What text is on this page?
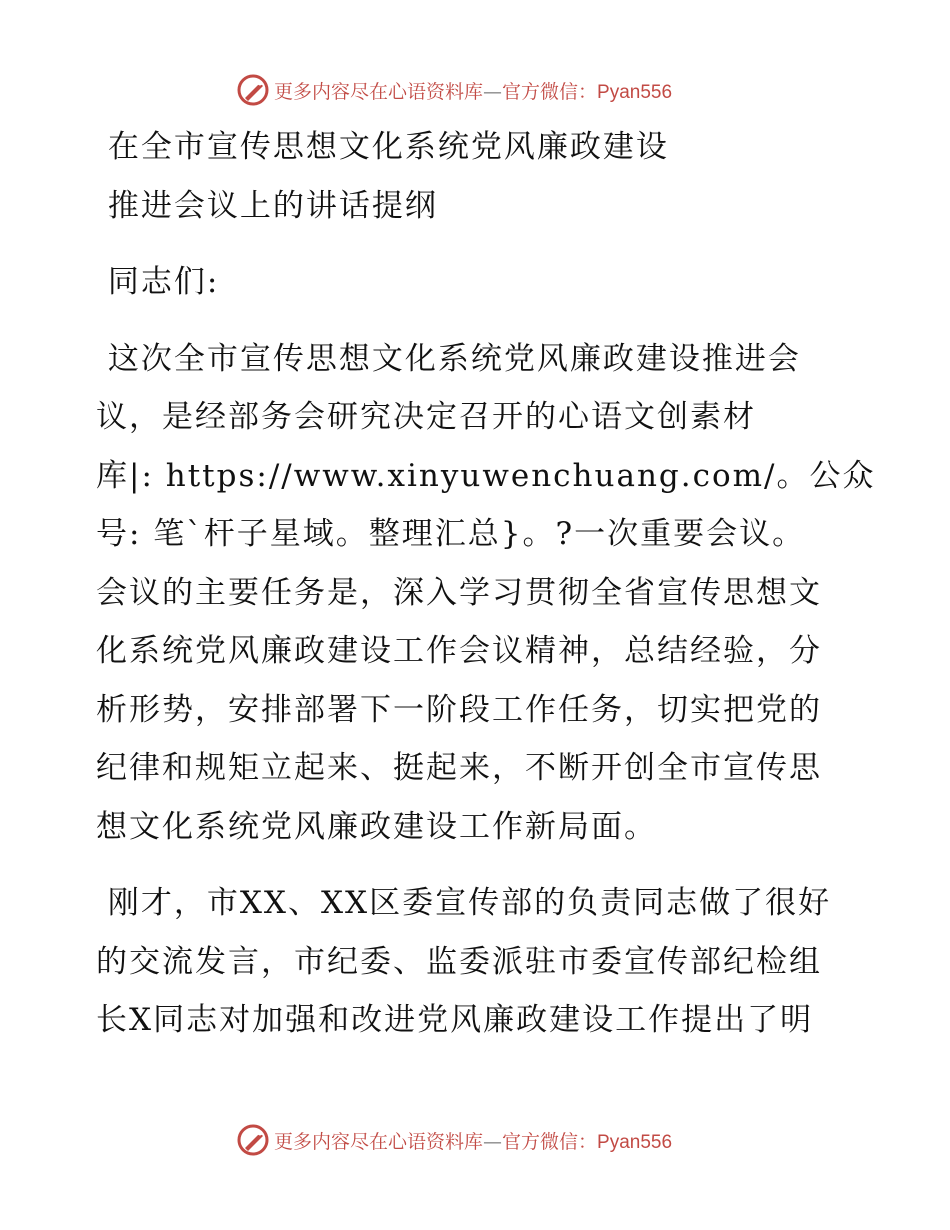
更多内容尽在心语资料库—官方微信：Pyan556
在全市宣传思想文化系统党风廉政建设
推进会议上的讲话提纲
同志们:
这次全市宣传思想文化系统党风廉政建设推进会
议，是经部务会研究决定召开的心语文创素材
库|: https://www.xinyuwenchuang.com/。公众
号: 笔`杆子星域。整理汇总}。?一次重要会议。
会议的主要任务是，深入学习贯彻全省宣传思想文
化系统党风廉政建设工作会议精神，总结经验，分
析形势，安排部署下一阶段工作任务，切实把党的
纪律和规矩立起来、挺起来，不断开创全市宣传思
想文化系统党风廉政建设工作新局面。
刚才，市XX、XX区委宣传部的负责同志做了很好
的交流发言，市纪委、监委派驻市委宣传部纪检组
长X同志对加强和改进党风廉政建设工作提出了明
更多内容尽在心语资料库—官方微信：Pyan556
